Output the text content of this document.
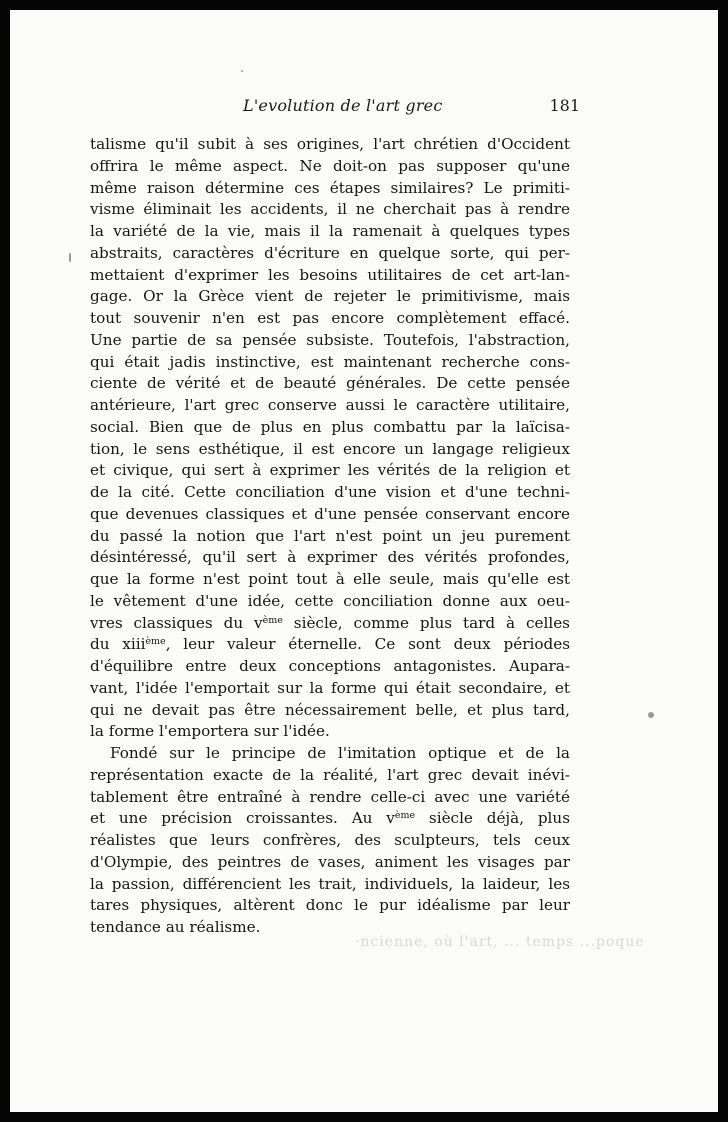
L'evolution de l'art grec	181
talisme qu'il subit à ses origines, l'art chrétien d'Occident
offrira le même aspect. Ne doit-on pas supposer qu'une
même raison détermine ces étapes similaires? Le primiti-
visme éliminait les accidents, il ne cherchait pas à rendre
la variété de la vie, mais il la ramenait à quelques types
abstraits, caractères d'écriture en quelque sorte, qui per-
mettaient d'exprimer les besoins utilitaires de cet art-lan-
gage. Or la Grèce vient de rejeter le primitivisme, mais
tout souvenir n'en est pas encore complètement effacé.
Une partie de sa pensée subsiste. Toutefois, l'abstraction,
qui était jadis instinctive, est maintenant recherche cons-
ciente de vérité et de beauté générales. De cette pensée
antérieure, l'art grec conserve aussi le caractère utilitaire,
social. Bien que de plus en plus combattu par la laïcisa-
tion, le sens esthétique, il est encore un langage religieux
et civique, qui sert à exprimer les vérités de la religion et
de la cité. Cette conciliation d'une vision et d'une techni-
que devenues classiques et d'une pensée conservant encore
du passé la notion que l'art n'est point un jeu purement
désintéressé, qu'il sert à exprimer des vérités profondes,
que la forme n'est point tout à elle seule, mais qu'elle est
le vêtement d'une idée, cette conciliation donne aux oeu-
vres classiques du $v^{ème}$ siècle, comme plus tard à celles
du xiii$^{ème}$, leur valeur éternelle. Ce sont deux périodes
d'équilibre entre deux conceptions antagonistes. Aupara-
vant, l'idée l'emportait sur la forme qui était secondaire, et
qui ne devait pas être nécessairement belle, et plus tard,
la forme l'emportera sur l'idée.
Fondé sur le principe de l'imitation optique et de la
représentation exacte de la réalité, l'art grec devait inévi-
tablement être entraîné à rendre celle-ci avec une variété
et une précision croissantes. Au $v^{ème}$ siècle déjà, plus
réalistes que leurs confrères, des sculpteurs, tels ceux
d'Olympie, des peintres de vases, animent les visages par
la passion, différencient les trait, individuels, la laideur, les
tares physiques, altèrent donc le pur idéalisme par leur
tendance au réalisme.
·ncienne, où l'art, ... temps ...poque
